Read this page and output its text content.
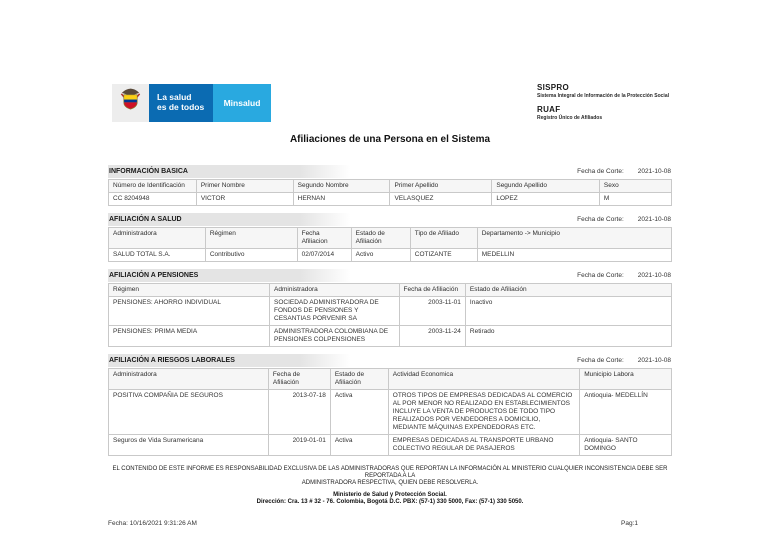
La salud
es de todos	Minsalud
SISPRO
Sistema Integral de Información de la Protección Social
RUAF
Registro Único de Afiliados
Afiliaciones de una Persona en el Sistema
INFORMACIÓN BASICA	Fecha de Corte: 2021-10-08
Número de Identificación	Primer Nombre	Segundo Nombre	Primer Apellido	Segundo Apellido	Sexo
CC 8204948	VICTOR	HERNAN	VELASQUEZ	LOPEZ	M
AFILIACIÓN A SALUD	Fecha de Corte: 2021-10-08
Administradora	Régimen	Fecha Afiliacion	Estado de Afiliación	Tipo de Afiliado	Departamento -> Municipio
SALUD TOTAL S.A.	Contributivo	02/07/2014	Activo	COTIZANTE	MEDELLIN
AFILIACIÓN A PENSIONES	Fecha de Corte: 2021-10-08
Régimen	Administradora	Fecha de Afiliación	Estado de Afiliación
PENSIONES: AHORRO INDIVIDUAL	SOCIEDAD ADMINISTRADORA DE FONDOS DE PENSIONES Y CESANTIAS PORVENIR SA	2003-11-01	Inactivo
PENSIONES: PRIMA MEDIA	ADMINISTRADORA COLOMBIANA DE PENSIONES COLPENSIONES	2003-11-24	Retirado
AFILIACIÓN A RIESGOS LABORALES	Fecha de Corte: 2021-10-08
Administradora	Fecha de Afiliación	Estado de Afiliación	Actividad Economica	Municipio Labora
POSITIVA COMPAÑIA DE SEGUROS	2013-07-18	Activa	OTROS TIPOS DE EMPRESAS DEDICADAS AL COMERCIO AL POR MENOR NO REALIZADO EN ESTABLECIMIENTOS INCLUYE LA VENTA DE PRODUCTOS DE TODO TIPO REALIZADOS POR VENDEDORES A DOMICILIO, MEDIANTE MÁQUINAS EXPENDEDORAS ETC.	Antioquia- MEDELLÍN
Seguros de Vida Suramericana	2019-01-01	Activa	EMPRESAS DEDICADAS AL TRANSPORTE URBANO COLECTIVO REGULAR DE PASAJEROS	Antioquia- SANTO DOMINGO
EL CONTENIDO DE ESTE INFORME ES RESPONSABILIDAD EXCLUSIVA DE LAS ADMINISTRADORAS QUE REPORTAN LA INFORMACIÓN AL MINISTERIO CUALQUIER INCONSISTENCIA DEBE SER REPORTADA A LA
ADMINISTRADORA RESPECTIVA, QUIEN DEBE RESOLVERLA.
Ministerio de Salud y Protección Social.
Dirección: Cra. 13 # 32 - 76. Colombia, Bogotá D.C. PBX: (57-1) 330 5000, Fax: (57-1) 330 5050.
Fecha: 10/16/2021 9:31:26 AM	Pag:1
